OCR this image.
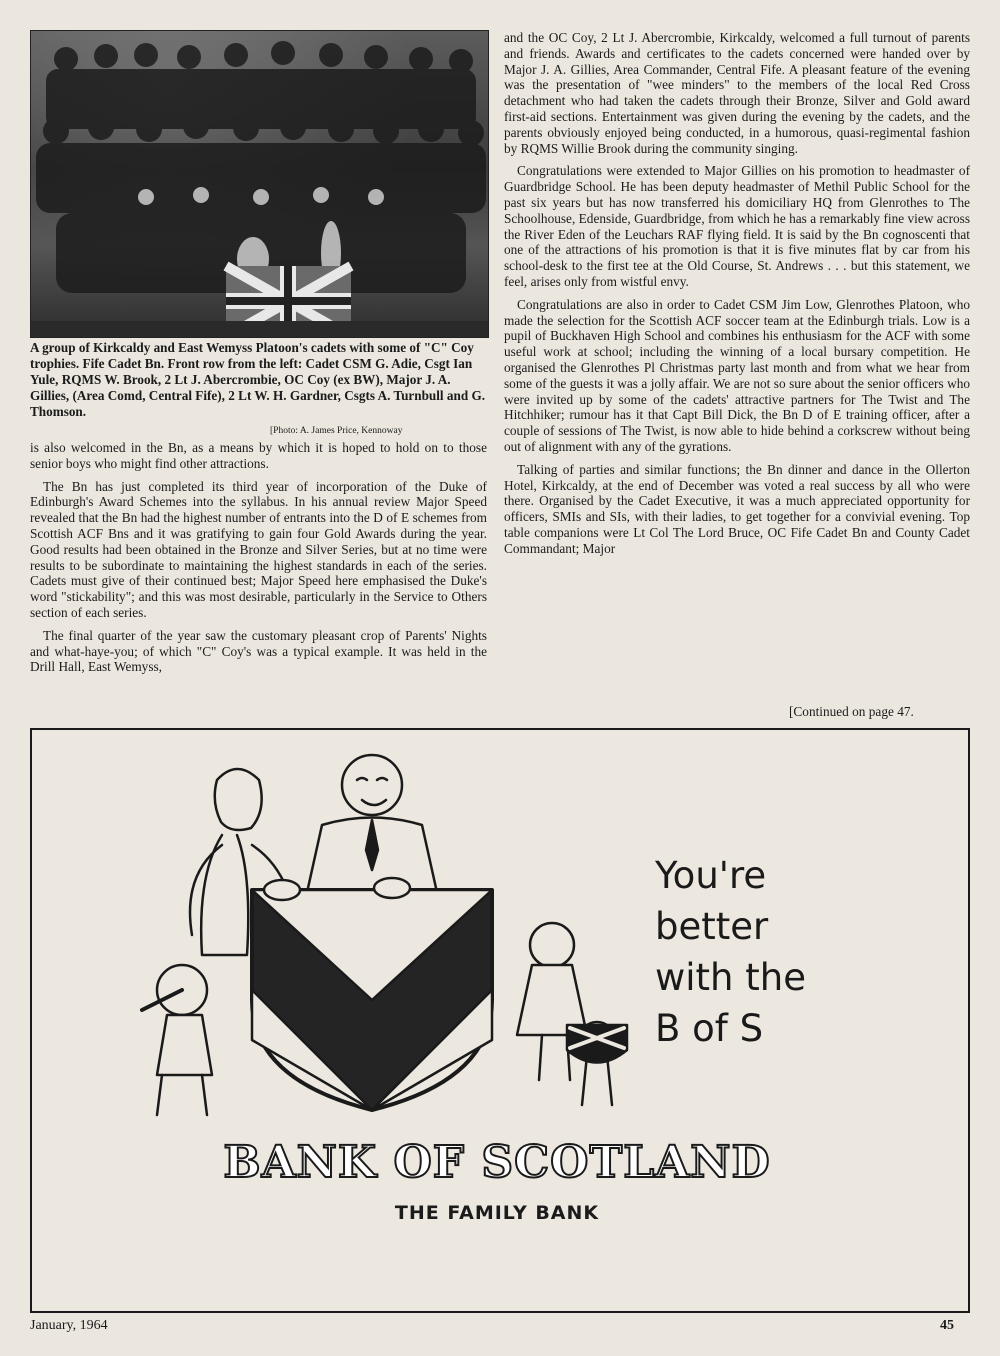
A group of Kirkcaldy and East Wemyss Platoon's cadets with some of "C" Coy trophies. Fife Cadet Bn. Front row from the left: Cadet CSM G. Adie, Csgt Ian Yule, RQMS W. Brook, 2 Lt J. Abercrombie, OC Coy (ex BW), Major J. A. Gillies, (Area Comd, Central Fife), 2 Lt W. H. Gardner, Csgts A. Turnbull and G. Thomson.

[Photo: A. James Price, Kennoway

is also welcomed in the Bn, as a means by which it is hoped to hold on to those senior boys who might find other attractions.

The Bn has just completed its third year of incorporation of the Duke of Edinburgh's Award Schemes into the syllabus. In his annual review Major Speed revealed that the Bn had the highest number of entrants into the D of E schemes from Scottish ACF Bns and it was gratifying to gain four Gold Awards during the year. Good results had been obtained in the Bronze and Silver Series, but at no time were results to be subordinate to maintaining the highest standards in each of the series. Cadets must give of their continued best; Major Speed here emphasised the Duke's word "stickability"; and this was most desirable, particularly in the Service to Others section of each series.

The final quarter of the year saw the customary pleasant crop of Parents' Nights and what-haye-you; of which "C" Coy's was a typical example. It was held in the Drill Hall, East Wemyss,

and the OC Coy, 2 Lt J. Abercrombie, Kirkcaldy, welcomed a full turnout of parents and friends. Awards and certificates to the cadets concerned were handed over by Major J. A. Gillies, Area Commander, Central Fife. A pleasant feature of the evening was the presentation of "wee minders" to the members of the local Red Cross detachment who had taken the cadets through their Bronze, Silver and Gold award first-aid sections. Entertainment was given during the evening by the cadets, and the parents obviously enjoyed being conducted, in a humorous, quasi-regimental fashion by RQMS Willie Brook during the community singing.

Congratulations were extended to Major Gillies on his promotion to headmaster of Guardbridge School. He has been deputy headmaster of Methil Public School for the past six years but has now transferred his domiciliary HQ from Glenrothes to The Schoolhouse, Edenside, Guardbridge, from which he has a remarkably fine view across the River Eden of the Leuchars RAF flying field. It is said by the Bn cognoscenti that one of the attractions of his promotion is that it is five minutes flat by car from his school-desk to the first tee at the Old Course, St. Andrews . . . but this statement, we feel, arises only from wistful envy.

Congratulations are also in order to Cadet CSM Jim Low, Glenrothes Platoon, who made the selection for the Scottish ACF soccer team at the Edinburgh trials. Low is a pupil of Buckhaven High School and combines his enthusiasm for the ACF with some useful work at school; including the winning of a local bursary competition. He organised the Glenrothes Pl Christmas party last month and from what we hear from some of the guests it was a jolly affair. We are not so sure about the senior officers who were invited up by some of the cadets' attractive partners for The Twist and The Hitchhiker; rumour has it that Capt Bill Dick, the Bn D of E training officer, after a couple of sessions of The Twist, is now able to hide behind a corkscrew without being out of alignment with any of the gyrations.

Talking of parties and similar functions; the Bn dinner and dance in the Ollerton Hotel, Kirkcaldy, at the end of December was voted a real success by all who were there. Organised by the Cadet Executive, it was a much appreciated opportunity for officers, SMIs and SIs, with their ladies, to get together for a convivial evening. Top table companions were Lt Col The Lord Bruce, OC Fife Cadet Bn and County Cadet Commandant; Major

[Continued on page 47.

You're
better
with the
B of S

BANK OF SCOTLAND

THE FAMILY BANK

January, 1964	45
